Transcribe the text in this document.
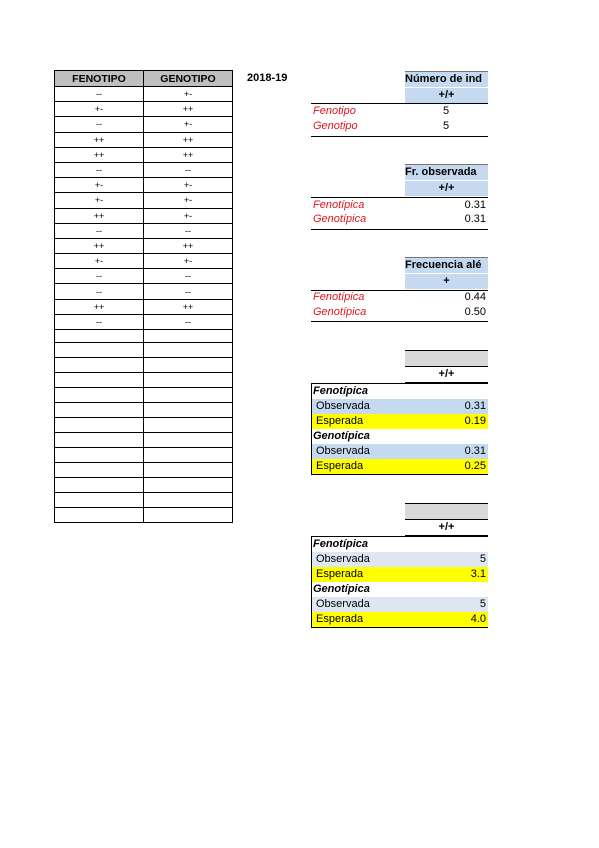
FENOTIPO	GENOTIPO
--	+-
+-	++
--	+-
++	++
++	++
--	--
+-	+-
+-	+-
++	+-
--	--
++	++
+-	+-
--	--
--	--
++	++
--	--

2018-19	Número de ind
+/+
Fenotipo	5
Genotipo	5
Fr. observada
+/+
Fenotípica	0.31
Genotípica	0.31
Frecuencia alé
+
Fenotípica	0.44
Genotípica	0.50
+/+
Fenotípica
Observada	0.31
Esperada	0.19
Genotípica
Observada	0.31
Esperada	0.25
+/+
Fenotípica
Observada	5
Esperada	3.1
Genotípica
Observada	5
Esperada	4.0
